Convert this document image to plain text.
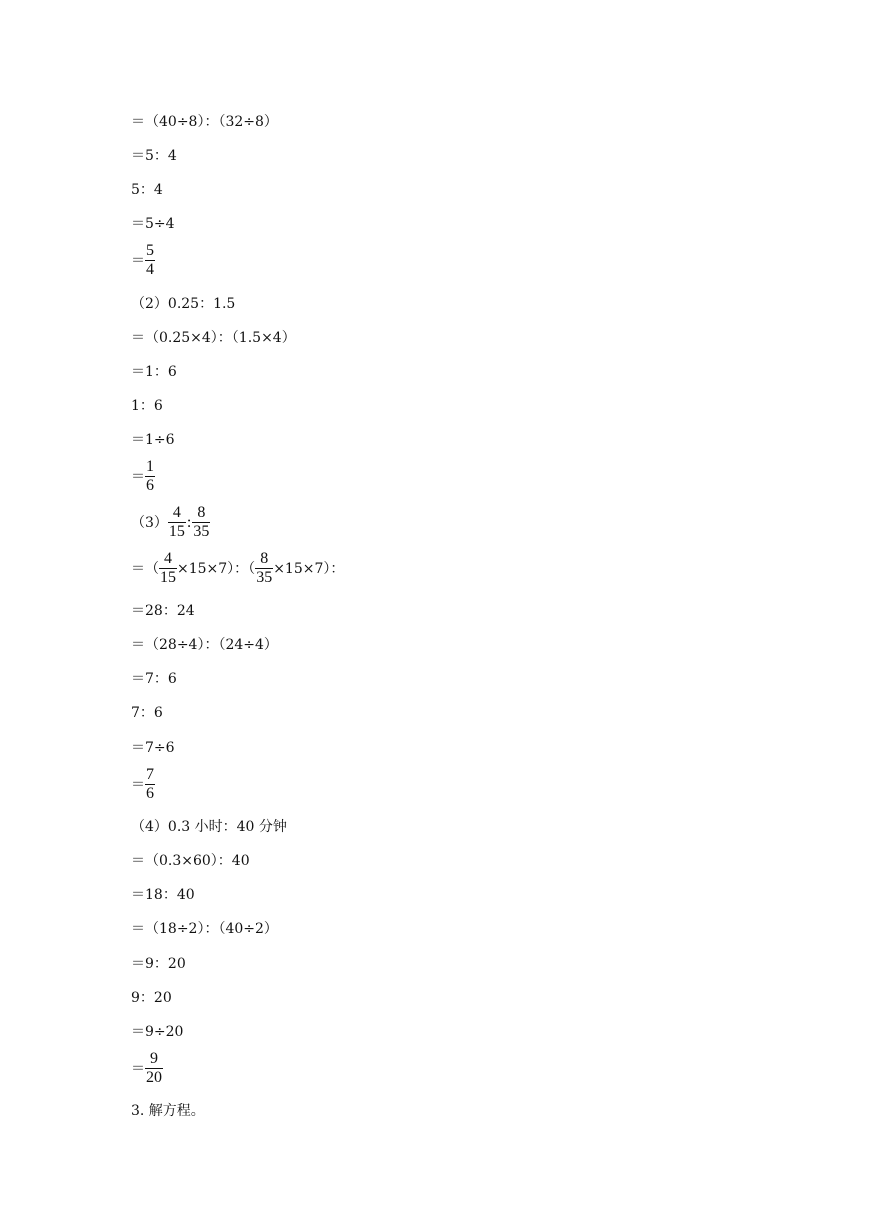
＝（40÷8）：（32÷8）
＝5：4
5：4
＝5÷4
＝ $\frac{5}{4}$
（2）0.25：1.5
＝（0.25×4）：（1.5×4）
＝1：6
1：6
＝1÷6
＝ $\frac{1}{6}$
$(3) \frac{4}{15}$ : $\frac{8}{35}$
＝（ $\frac{4}{15} \times 15\times 7$）：（ $\frac{8}{35} \times 15\times 7$）：
＝28：24
＝（28÷4）：（24÷4）
＝7：6
7：6
＝7÷6
＝ $\frac{7}{6}$
（4）0.3 小时：40 分钟
＝（0.3×60）：40
＝18：40
＝（18÷2）：（40÷2）
＝9：20
9：20
＝9÷20
＝ $\frac{9}{20}$
3. 解方程。
